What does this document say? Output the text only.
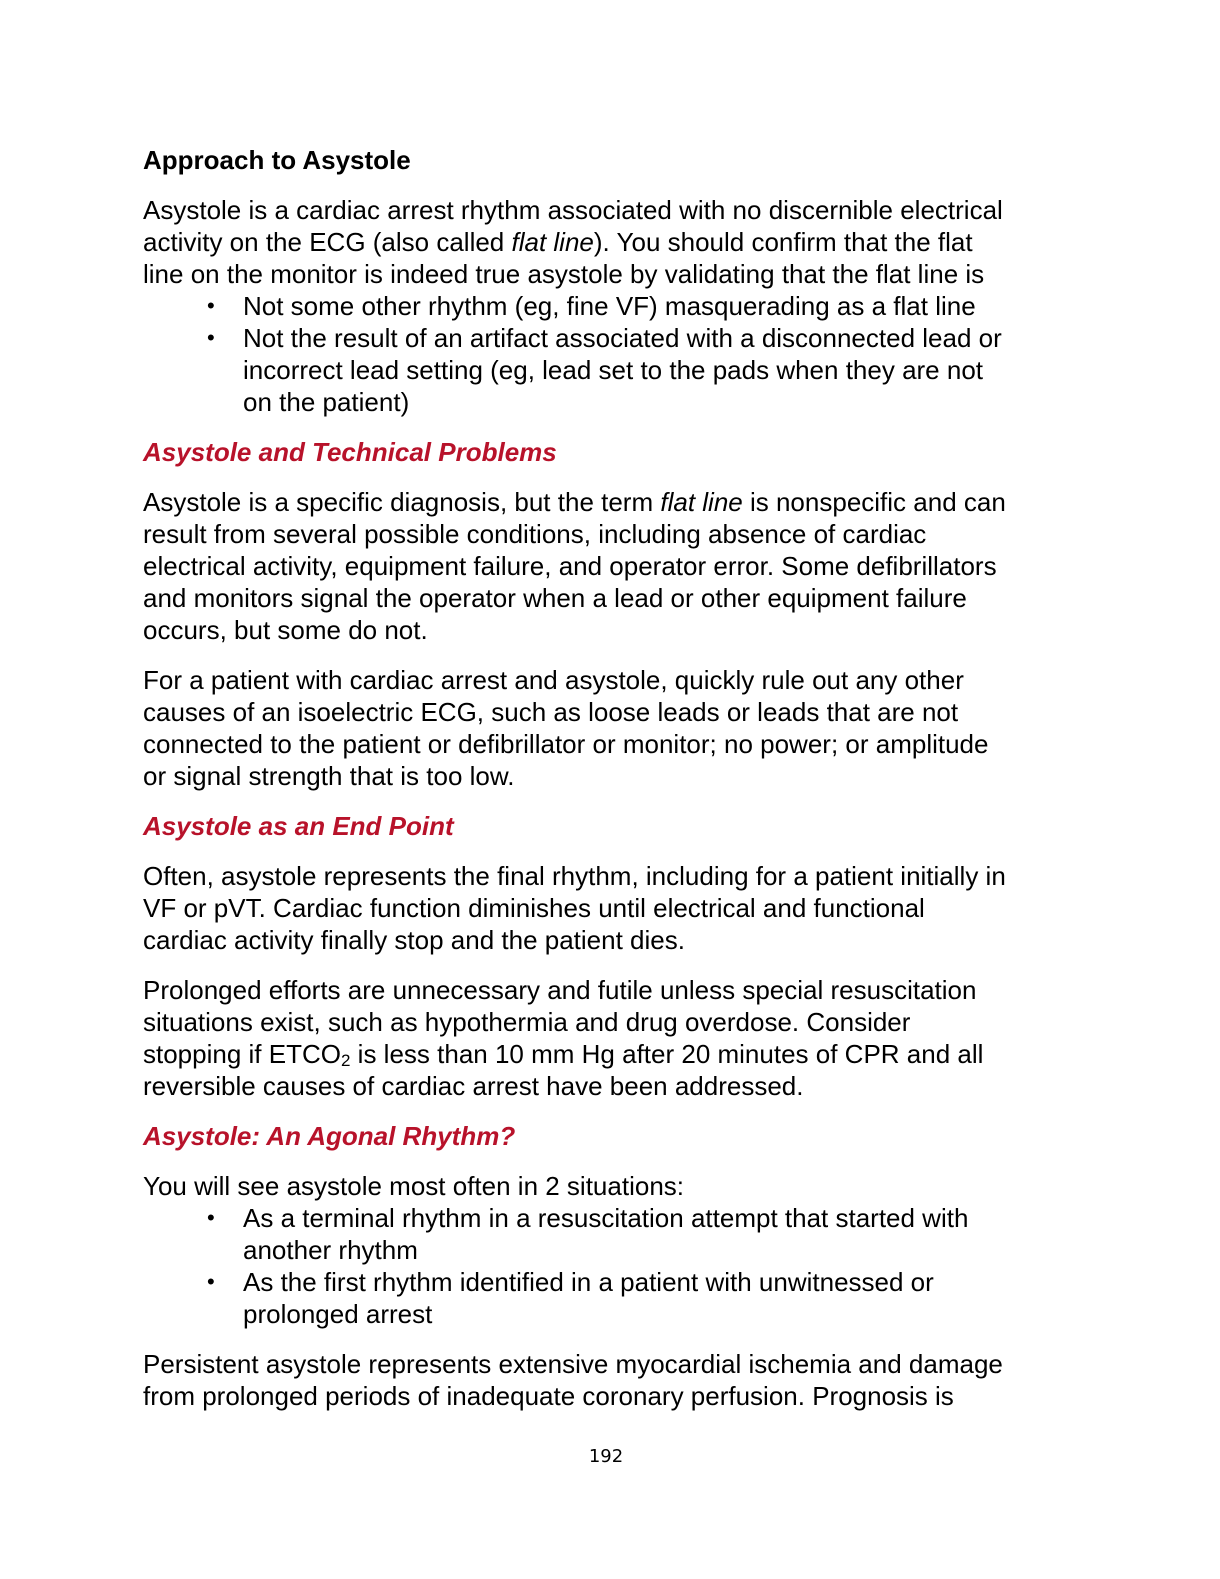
Approach to Asystole
Asystole is a cardiac arrest rhythm associated with no discernible electrical
activity on the ECG (also called flat line). You should confirm that the flat
line on the monitor is indeed true asystole by validating that the flat line is
• Not some other rhythm (eg, fine VF) masquerading as a flat line
• Not the result of an artifact associated with a disconnected lead or
incorrect lead setting (eg, lead set to the pads when they are not
on the patient)
Asystole and Technical Problems
Asystole is a specific diagnosis, but the term flat line is nonspecific and can
result from several possible conditions, including absence of cardiac
electrical activity, equipment failure, and operator error. Some defibrillators
and monitors signal the operator when a lead or other equipment failure
occurs, but some do not.
For a patient with cardiac arrest and asystole, quickly rule out any other
causes of an isoelectric ECG, such as loose leads or leads that are not
connected to the patient or defibrillator or monitor; no power; or amplitude
or signal strength that is too low.
Asystole as an End Point
Often, asystole represents the final rhythm, including for a patient initially in
VF or pVT. Cardiac function diminishes until electrical and functional
cardiac activity finally stop and the patient dies.
Prolonged efforts are unnecessary and futile unless special resuscitation
situations exist, such as hypothermia and drug overdose. Consider
stopping if $ETCO_2$ is less than 10 mm Hg after 20 minutes of CPR and all
reversible causes of cardiac arrest have been addressed.
Asystole: An Agonal Rhythm?
You will see asystole most often in 2 situations:
• As a terminal rhythm in a resuscitation attempt that started with
another rhythm
• As the first rhythm identified in a patient with unwitnessed or
prolonged arrest
Persistent asystole represents extensive myocardial ischemia and damage
from prolonged periods of inadequate coronary perfusion. Prognosis is
192
